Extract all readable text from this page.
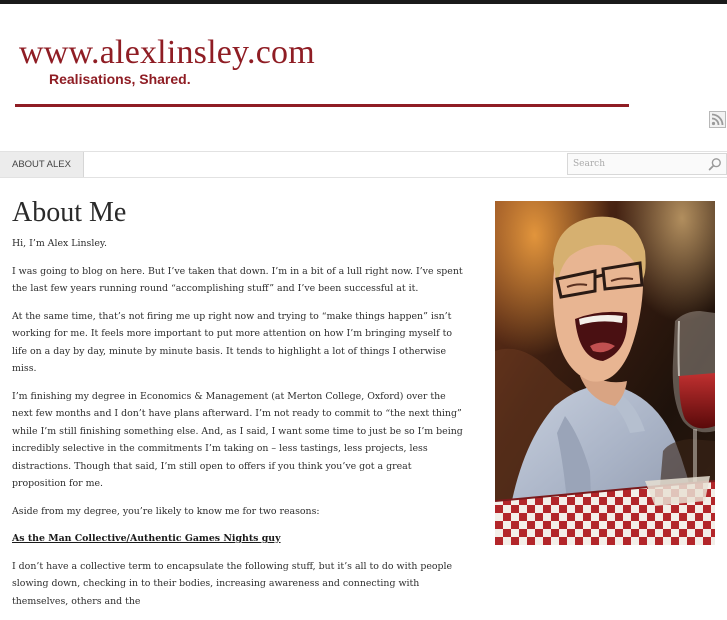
www.alexlinsley.com
Realisations, Shared.
ABOUT ALEX
Search
About Me

Hi, I’m Alex Linsley.

I was going to blog on here. But I’ve taken that down. I’m in a bit of a lull right now. I’ve spent the last few years running round “accomplishing stuff” and I’ve been successful at it.

At the same time, that’s not firing me up right now and trying to “make things happen” isn’t working for me. It feels more important to put more attention on how I’m bringing myself to life on a day by day, minute by minute basis. It tends to highlight a lot of things I otherwise miss.

I’m finishing my degree in Economics & Management (at Merton College, Oxford) over the next few months and I don’t have plans afterward. I’m not ready to commit to “the next thing” while I’m still finishing something else. And, as I said, I want some time to just be so I’m being incredibly selective in the commitments I’m taking on – less tastings, less projects, less distractions. Though that said, I’m still open to offers if you think you’ve got a great proposition for me.

Aside from my degree, you’re likely to know me for two reasons:

As the Man Collective/Authentic Games Nights guy

I don’t have a collective term to encapsulate the following stuff, but it’s all to do with people slowing down, checking in to their bodies, increasing awareness and connecting with themselves, others and the
